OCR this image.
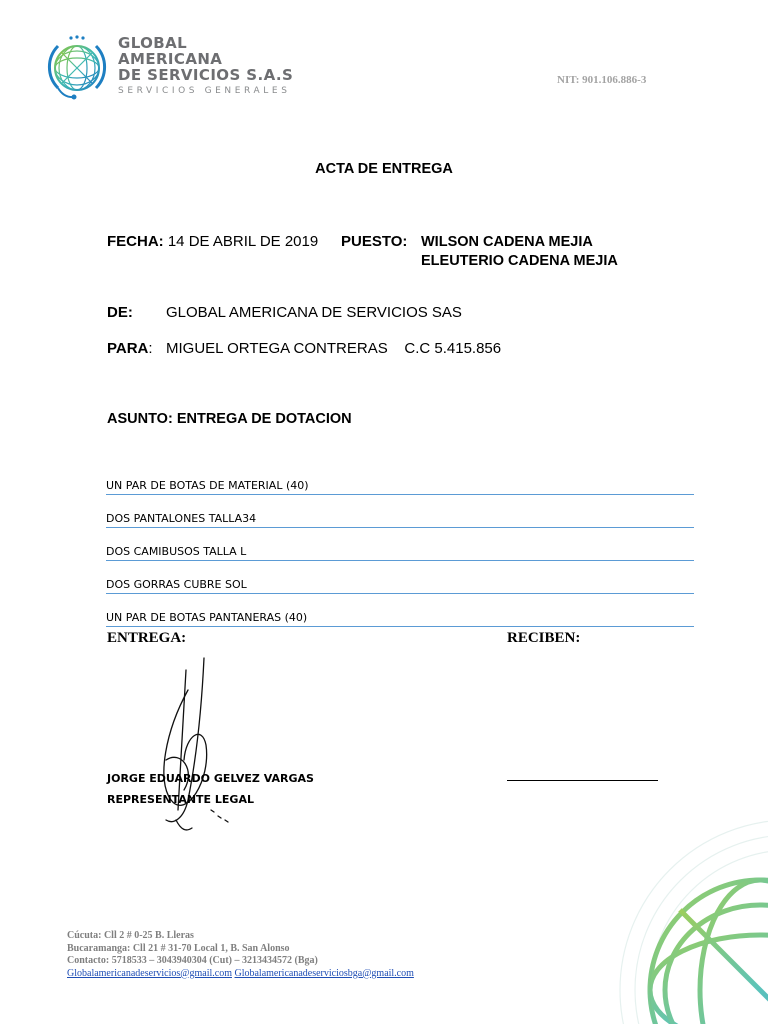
GLOBAL
AMERICANA
DE SERVICIOS S.A.S
SERVICIOS GENERALES
NIT: 901.106.886-3
ACTA DE ENTREGA
FECHA: 14 DE ABRIL DE 2019 PUESTO: WILSON CADENA MEJIA
ELEUTERIO CADENA MEJIA
DE: GLOBAL AMERICANA DE SERVICIOS SAS
PARA: MIGUEL ORTEGA CONTRERAS    C.C 5.415.856
ASUNTO: ENTREGA DE DOTACION
UN PAR DE BOTAS DE MATERIAL (40)
DOS PANTALONES TALLA34
DOS CAMIBUSOS TALLA L
DOS GORRAS CUBRE SOL
UN PAR DE BOTAS PANTANERAS (40)
ENTREGA:	RECIBEN:
JORGE EDUARDO GELVEZ VARGAS
REPRESENTANTE LEGAL
Cúcuta: Cll 2 # 0-25 B. Lleras
Bucaramanga: Cll 21 # 31-70 Local 1, B. San Alonso
Contacto: 5718533 – 3043940304 (Cut) – 3213434572 (Bga)
Globalamericanadeservicios@gmail.com Globalamericanadeserviciosbga@gmail.com
